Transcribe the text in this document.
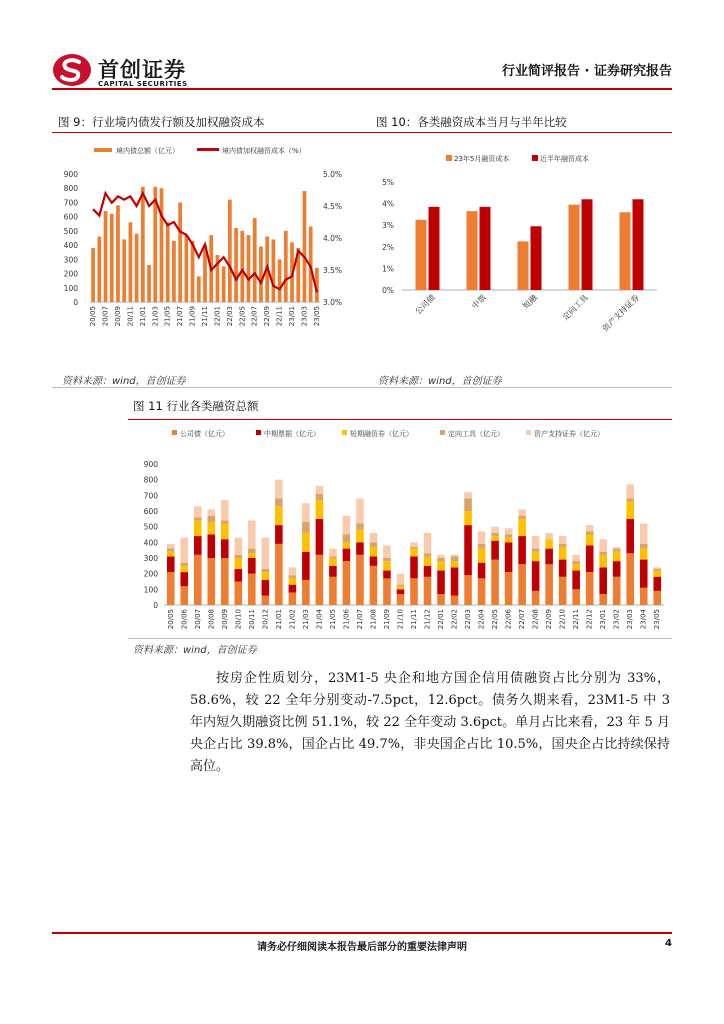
首创证券
CAPITAL SECURITIES
行业简评报告 · 证券研究报告
图 9：行业境内债发行额及加权融资成本	图 10：各类融资成本当月与半年比较
境内债总额（亿元）	境内债加权融资成本（%）
0
100
200
300
400
500
600
700
800
900
3.0%
3.5%
4.0%
4.5%
5.0%
20/05 20/07 20/09 20/11 21/01 21/03 21/05 21/07 21/09 21/11 22/01 22/03 22/05 22/07 22/09 22/11 23/01 23/03 23/05
23年5月融资成本	近半年融资成本
0%
1%
2%
3%
4%
5%
公司债	中票	短融	定向工具 资产支持证券
资料来源：wind，首创证券	资料来源：wind，首创证券
图 11 行业各类融资总额
公司债（亿元）	中期票据（亿元）	短期融资券（亿元）	定向工具（亿元）	资产支持证券（亿元）
0
100
200
300
400
500
600
700
800
900
20/05 20/06 20/07 20/08 20/09 20/10 20/11 20/12 21/01 21/02 21/03 21/04 21/05 21/06 21/07 21/08 21/09 21/10 21/11 21/12 22/01 22/02 22/03 22/04 22/05 22/06 22/07 22/08 22/09 22/10 22/11 22/12 23/01 23/02 23/03 23/04 23/05
资料来源：wind，首创证券
按房企性质划分，23M1-5 央企和地方国企信用债融资占比分别为 33%，58.6%，较 22 全年分别变动-7.5pct，12.6pct。债务久期来看，23M1-5 中 3 年内短久期融资比例 51.1%，较 22 全年变动 3.6pct。单月占比来看，23 年 5 月央企占比 39.8%，国企占比 49.7%，非央国企占比 10.5%，国央企占比持续保持高位。
请务必仔细阅读本报告最后部分的重要法律声明	4
